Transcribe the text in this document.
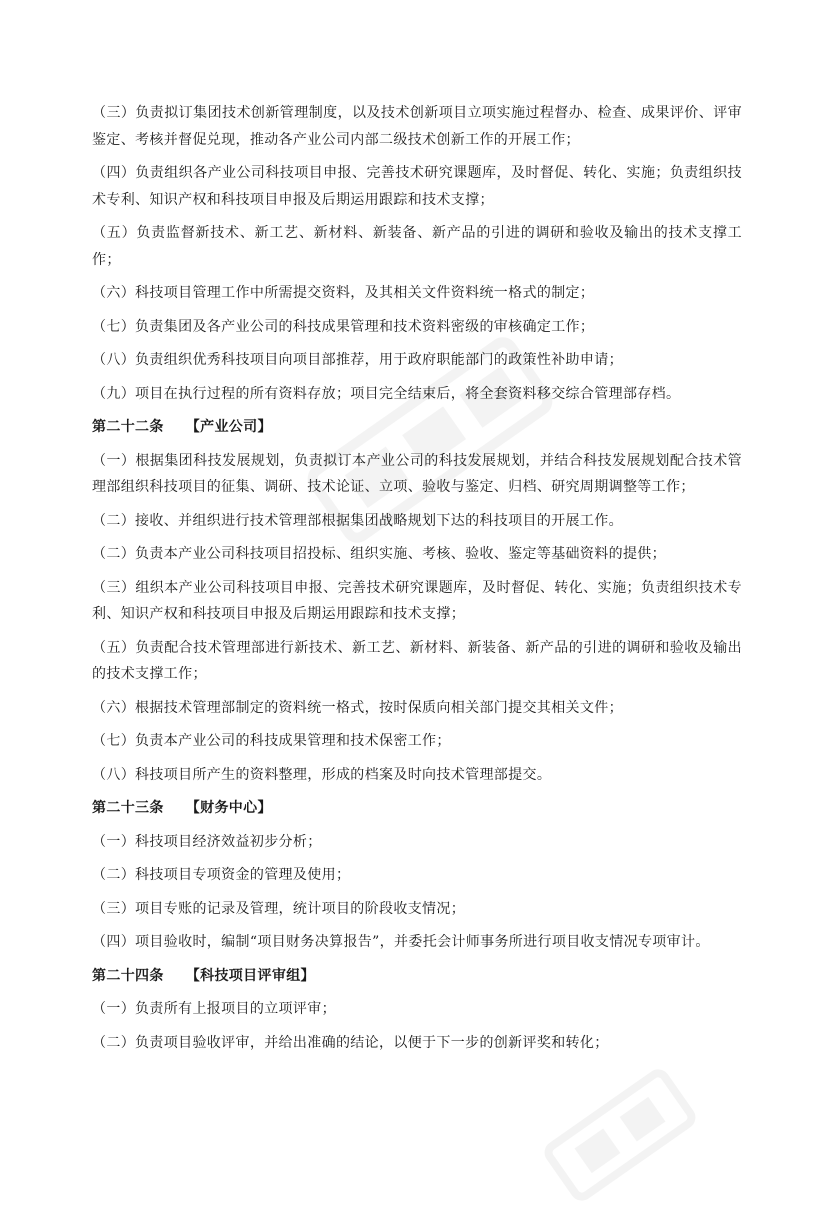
（三）负责拟订集团技术创新管理制度，以及技术创新项目立项实施过程督办、检查、成果评价、评审鉴定、考核并督促兑现，推动各产业公司内部二级技术创新工作的开展工作；

（四）负责组织各产业公司科技项目申报、完善技术研究课题库，及时督促、转化、实施；负责组织技术专利、知识产权和科技项目申报及后期运用跟踪和技术支撑；

（五）负责监督新技术、新工艺、新材料、新装备、新产品的引进的调研和验收及输出的技术支撑工作；

（六）科技项目管理工作中所需提交资料，及其相关文件资料统一格式的制定；

（七）负责集团及各产业公司的科技成果管理和技术资料密级的审核确定工作；

（八）负责组织优秀科技项目向项目部推荐，用于政府职能部门的政策性补助申请；

（九）项目在执行过程的所有资料存放；项目完全结束后，将全套资料移交综合管理部存档。

第二十二条 【产业公司】

（一）根据集团科技发展规划，负责拟订本产业公司的科技发展规划，并结合科技发展规划配合技术管理部组织科技项目的征集、调研、技术论证、立项、验收与鉴定、归档、研究周期调整等工作；

（二）接收、并组织进行技术管理部根据集团战略规划下达的科技项目的开展工作。

（二）负责本产业公司科技项目招投标、组织实施、考核、验收、鉴定等基础资料的提供；

（三）组织本产业公司科技项目申报、完善技术研究课题库，及时督促、转化、实施；负责组织技术专利、知识产权和科技项目申报及后期运用跟踪和技术支撑；

（五）负责配合技术管理部进行新技术、新工艺、新材料、新装备、新产品的引进的调研和验收及输出的技术支撑工作；

（六）根据技术管理部制定的资料统一格式，按时保质向相关部门提交其相关文件；

（七）负责本产业公司的科技成果管理和技术保密工作；

（八）科技项目所产生的资料整理，形成的档案及时向技术管理部提交。

第二十三条 【财务中心】

（一）科技项目经济效益初步分析；

（二）科技项目专项资金的管理及使用；

（三）项目专账的记录及管理，统计项目的阶段收支情况；

（四）项目验收时，编制“项目财务决算报告”，并委托会计师事务所进行项目收支情况专项审计。

第二十四条 【科技项目评审组】

（一）负责所有上报项目的立项评审；

（二）负责项目验收评审，并给出准确的结论，以便于下一步的创新评奖和转化；
